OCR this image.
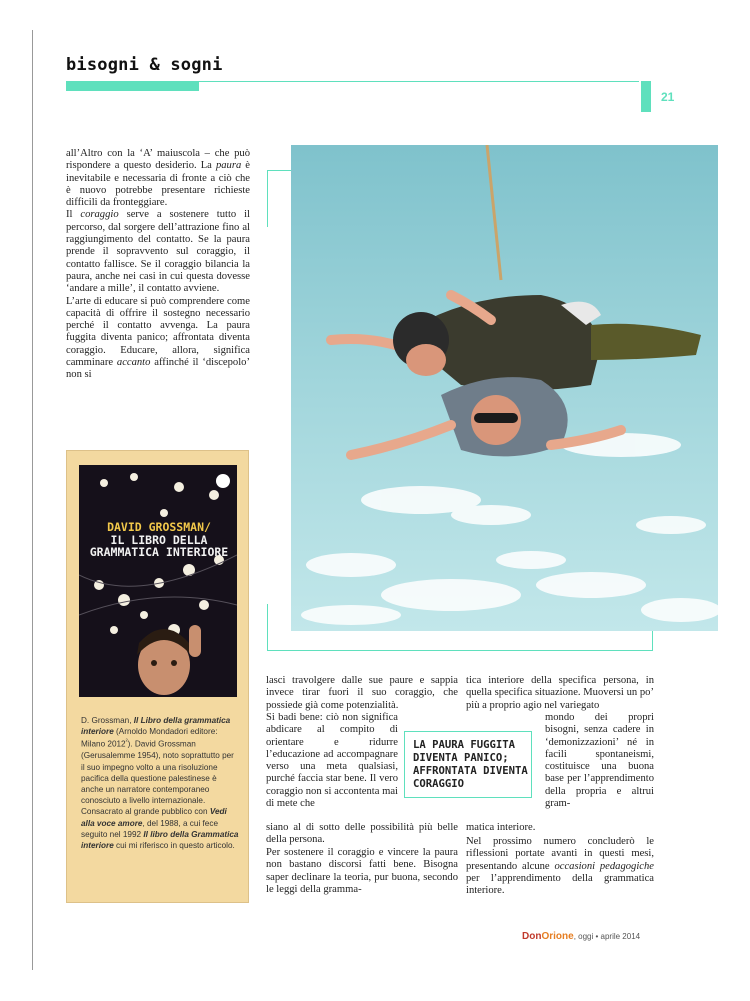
bisogni & sogni
21

all’Altro con la ‘A’ maiuscola – che può rispondere a questo desiderio. La paura è inevitabile e necessaria di fronte a ciò che è nuovo potrebbe presentare richieste difficili da fronteggiare.

Il coraggio serve a sostenere tutto il percorso, dal sorgere dell’attrazione fino al raggiungimento del contatto. Se la paura prende il sopravvento sul coraggio, il contatto fallisce. Se il coraggio bilancia la paura, anche nei casi in cui questa dovesse ‘andare a mille’, il contatto avviene.

L’arte di educare si può comprendere come capacità di offrire il sostegno necessario perché il contatto avvenga. La paura fuggita diventa panico; affrontata diventa coraggio. Educare, allora, significa camminare accanto affinché il ‘discepolo’ non si

DAVID GROSSMAN/
IL LIBRO DELLA GRAMMATICA INTERIORE
D. Grossman, Il Libro della grammatica interiore (Arnoldo Mondadori editore: Milano $2012^{^2}$). David Grossman (Gerusalemme 1954), noto soprattutto per il suo impegno volto a una risoluzione pacifica della questione palestinese è anche un narratore contemporaneo conosciuto a livello internazionale. Consacrato al grande pubblico con Vedi alla voce amore, del 1988, a cui fece seguito nel 1992 Il libro della Grammatica interiore cui mi riferisco in questo articolo.
lasci travolgere dalle sue paure e sappia invece tirar fuori il suo coraggio, che possiede già come potenzialità.
Si badi bene: ciò non significa abdicare al compito di orientare e ridurre l’educazione ad accompagnare verso una meta qualsiasi, purché faccia star bene. Il vero coraggio non si accontenta mai di mete che
siano al di sotto delle possibilità più belle della persona.
Per sostenere il coraggio e vincere la paura non bastano discorsi fatti bene. Bisogna saper declinare la teoria, pur buona, secondo le leggi della gramma-
LA PAURA FUGGITA DIVENTA PANICO; AFFRONTATA DIVENTA CORAGGIO
tica interiore della specifica persona, in quella specifica situazione. Muoversi un po’ più a proprio agio nel variegato
mondo dei propri bisogni, senza cadere in ‘demonizzazioni’ né in facili spontaneismi, costituisce una buona base per l’apprendimento della propria e altrui gram-
matica interiore.
Nel prossimo numero concluderò le riflessioni portate avanti in questi mesi, presentando alcune occasioni pedagogiche per l’apprendimento della grammatica interiore.
DonOrione, oggi • aprile 2014
